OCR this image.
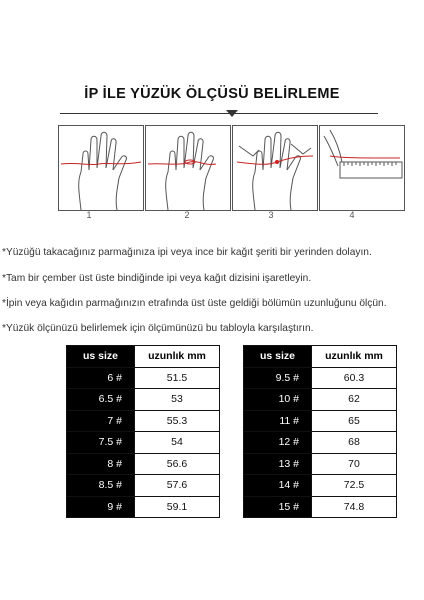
İP İLE YÜZÜK ÖLÇÜSÜ BELİRLEME
1	2	3	4
*Yüzüğü takacağınız parmağınıza ipi veya ince bir kağıt şeriti bir yerinden dolayın.
*Tam bir çember üst üste bindiğinde ipi veya kağıt dizisini işaretleyin.
*İpin veya kağıdın parmağınızın etrafında üst üste geldiği bölümün uzunluğunu ölçün.
*Yüzük ölçünüzü belirlemek için ölçümünüzü bu tabloyla karşılaştırın.
us size	uzunlık mm
6 #	51.5
6.5 #	53
7 #	55.3
7.5 #	54
8 #	56.6
8.5 #	57.6
9 #	59.1
us size	uzunlık mm
9.5 #	60.3
10 #	62
11 #	65
12 #	68
13 #	70
14 #	72.5
15 #	74.8
